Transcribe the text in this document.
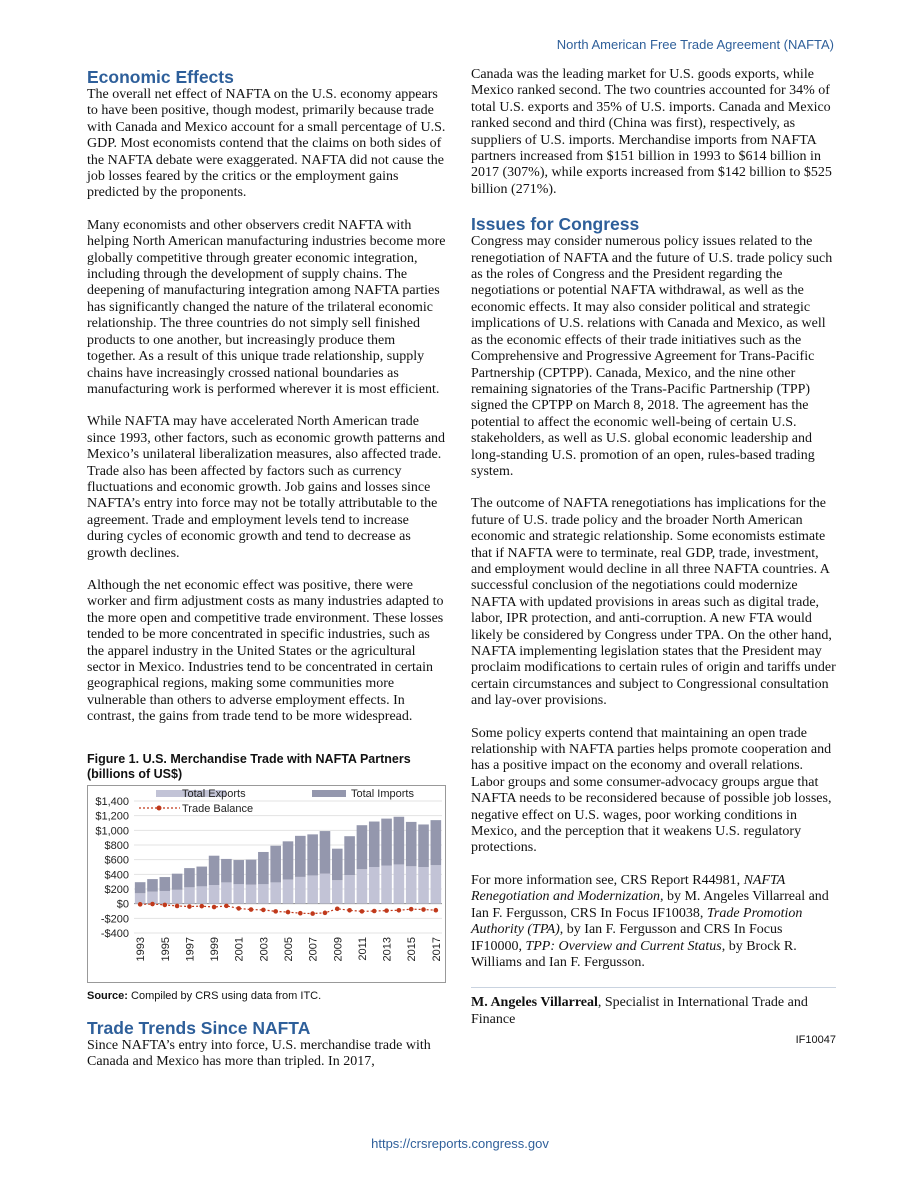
North American Free Trade Agreement (NAFTA)
Economic Effects

The overall net effect of NAFTA on the U.S. economy appears to have been positive, though modest, primarily because trade with Canada and Mexico account for a small percentage of U.S. GDP. Most economists contend that the claims on both sides of the NAFTA debate were exaggerated. NAFTA did not cause the job losses feared by the critics or the employment gains predicted by the proponents.

Many economists and other observers credit NAFTA with helping North American manufacturing industries become more globally competitive through greater economic integration, including through the development of supply chains. The deepening of manufacturing integration among NAFTA parties has significantly changed the nature of the trilateral economic relationship. The three countries do not simply sell finished products to one another, but increasingly produce them together. As a result of this unique trade relationship, supply chains have increasingly crossed national boundaries as manufacturing work is performed wherever it is most efficient.

While NAFTA may have accelerated North American trade since 1993, other factors, such as economic growth patterns and Mexico’s unilateral liberalization measures, also affected trade. Trade also has been affected by factors such as currency fluctuations and economic growth. Job gains and losses since NAFTA’s entry into force may not be totally attributable to the agreement. Trade and employment levels tend to increase during cycles of economic growth and tend to decrease as growth declines.

Although the net economic effect was positive, there were worker and firm adjustment costs as many industries adapted to the more open and competitive trade environment. These losses tended to be more concentrated in specific industries, such as the apparel industry in the United States or the agricultural sector in Mexico. Industries tend to be concentrated in certain geographical regions, making some communities more vulnerable than others to adverse employment effects. In contrast, the gains from trade tend to be more widespread.

Figure 1. U.S. Merchandise Trade with NAFTA Partners (billions of US$)
Total Exports	Total Imports
Trade Balance
$1,400
$1,200
$1,000
$800
$600
$400
$200
$0
-$200
-$400
1993 1995 1997 1999 2001 2003 2005 2007 2009 2011 2013 2015 2017
Source: Compiled by CRS using data from ITC.
Trade Trends Since NAFTA

Since NAFTA’s entry into force, U.S. merchandise trade with Canada and Mexico has more than tripled. In 2017,

Canada was the leading market for U.S. goods exports, while Mexico ranked second. The two countries accounted for 34% of total U.S. exports and 35% of U.S. imports. Canada and Mexico ranked second and third (China was first), respectively, as suppliers of U.S. imports. Merchandise imports from NAFTA partners increased from $151 billion in 1993 to $614 billion in 2017 (307%), while exports increased from $142 billion to $525 billion (271%).

Issues for Congress

Congress may consider numerous policy issues related to the renegotiation of NAFTA and the future of U.S. trade policy such as the roles of Congress and the President regarding the negotiations or potential NAFTA withdrawal, as well as the economic effects. It may also consider political and strategic implications of U.S. relations with Canada and Mexico, as well as the economic effects of their trade initiatives such as the Comprehensive and Progressive Agreement for Trans-Pacific Partnership (CPTPP). Canada, Mexico, and the nine other remaining signatories of the Trans-Pacific Partnership (TPP) signed the CPTPP on March 8, 2018. The agreement has the potential to affect the economic well-being of certain U.S. stakeholders, as well as U.S. global economic leadership and long-standing U.S. promotion of an open, rules-based trading system.

The outcome of NAFTA renegotiations has implications for the future of U.S. trade policy and the broader North American economic and strategic relationship. Some economists estimate that if NAFTA were to terminate, real GDP, trade, investment, and employment would decline in all three NAFTA countries. A successful conclusion of the negotiations could modernize NAFTA with updated provisions in areas such as digital trade, labor, IPR protection, and anti-corruption. A new FTA would likely be considered by Congress under TPA. On the other hand, NAFTA implementing legislation states that the President may proclaim modifications to certain rules of origin and tariffs under certain circumstances and subject to Congressional consultation and lay-over provisions.

Some policy experts contend that maintaining an open trade relationship with NAFTA parties helps promote cooperation and has a positive impact on the economy and overall relations. Labor groups and some consumer-advocacy groups argue that NAFTA needs to be reconsidered because of possible job losses, negative effect on U.S. wages, poor working conditions in Mexico, and the perception that it weakens U.S. regulatory protections.

For more information see, CRS Report R44981, NAFTA Renegotiation and Modernization, by M. Angeles Villarreal and Ian F. Fergusson, CRS In Focus IF10038, Trade Promotion Authority (TPA), by Ian F. Fergusson and CRS In Focus IF10000, TPP: Overview and Current Status, by Brock R. Williams and Ian F. Fergusson.

M. Angeles Villarreal, Specialist in International Trade and Finance
IF10047
https://crsreports.congress.gov
